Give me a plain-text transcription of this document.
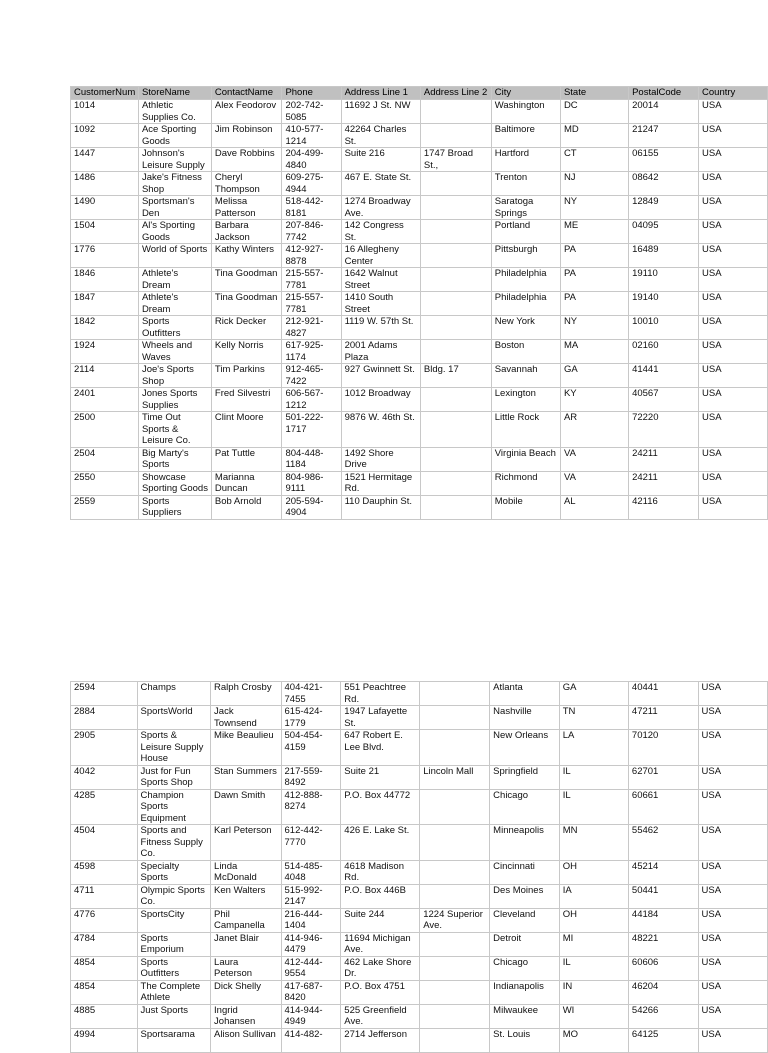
CustomerNum	StoreName	ContactName	Phone	Address Line 1	Address Line 2	City	State	PostalCode	Country
1014	Athletic Supplies Co.	Alex Feodorov	202-742-5085	11692 J St. NW		Washington	DC	20014	USA
1092	Ace Sporting Goods	Jim Robinson	410-577-1214	42264 Charles St.		Baltimore	MD	21247	USA
1447	Johnson's Leisure Supply	Dave Robbins	204-499-4840	Suite 216	1747 Broad St.,	Hartford	CT	06155	USA
1486	Jake's Fitness Shop	Cheryl Thompson	609-275-4944	467 E. State St.		Trenton	NJ	08642	USA
1490	Sportsman's Den	Melissa Patterson	518-442-8181	1274 Broadway Ave.		Saratoga Springs	NY	12849	USA
1504	Al's Sporting Goods	Barbara Jackson	207-846-7742	142 Congress St.		Portland	ME	04095	USA
1776	World of Sports	Kathy Winters	412-927-8878	16 Allegheny Center		Pittsburgh	PA	16489	USA
1846	Athlete's Dream	Tina Goodman	215-557-7781	1642 Walnut Street		Philadelphia	PA	19110	USA
1847	Athlete's Dream	Tina Goodman	215-557-7781	1410 South Street		Philadelphia	PA	19140	USA
1842	Sports Outfitters	Rick Decker	212-921-4827	1119 W. 57th St.		New York	NY	10010	USA
1924	Wheels and Waves	Kelly Norris	617-925-1174	2001 Adams Plaza		Boston	MA	02160	USA
2114	Joe's Sports Shop	Tim Parkins	912-465-7422	927 Gwinnett St.	Bldg. 17	Savannah	GA	41441	USA
2401	Jones Sports Supplies	Fred Silvestri	606-567-1212	1012 Broadway		Lexington	KY	40567	USA
2500	Time Out Sports & Leisure Co.	Clint Moore	501-222-1717	9876 W. 46th St.		Little Rock	AR	72220	USA
2504	Big Marty's Sports	Pat Tuttle	804-448-1184	1492 Shore Drive		Virginia Beach	VA	24211	USA
2550	Showcase Sporting Goods	Marianna Duncan	804-986-9111	1521 Hermitage Rd.		Richmond	VA	24211	USA
2559	Sports Suppliers	Bob Arnold	205-594-4904	110 Dauphin St.		Mobile	AL	42116	USA
2594	Champs	Ralph Crosby	404-421-7455	551 Peachtree Rd.		Atlanta	GA	40441	USA
2884	SportsWorld	Jack Townsend	615-424-1779	1947 Lafayette St.		Nashville	TN	47211	USA
2905	Sports & Leisure Supply House	Mike Beaulieu	504-454-4159	647 Robert E. Lee Blvd.		New Orleans	LA	70120	USA
4042	Just for Fun Sports Shop	Stan Summers	217-559-8492	Suite 21	Lincoln Mall	Springfield	IL	62701	USA
4285	Champion Sports Equipment	Dawn Smith	412-888-8274	P.O. Box 44772		Chicago	IL	60661	USA
4504	Sports and Fitness Supply Co.	Karl Peterson	612-442-7770	426 E. Lake St.		Minneapolis	MN	55462	USA
4598	Specialty Sports	Linda McDonald	514-485-4048	4618 Madison Rd.		Cincinnati	OH	45214	USA
4711	Olympic Sports Co.	Ken Walters	515-992-2147	P.O. Box 446B		Des Moines	IA	50441	USA
4776	SportsCity	Phil Campanella	216-444-1404	Suite 244	1224 Superior Ave.	Cleveland	OH	44184	USA
4784	Sports Emporium	Janet Blair	414-946-4479	11694 Michigan Ave.		Detroit	MI	48221	USA
4854	Sports Outfitters	Laura Peterson	412-444-9554	462 Lake Shore Dr.		Chicago	IL	60606	USA
4854	The Complete Athlete	Dick Shelly	417-687-8420	P.O. Box 4751		Indianapolis	IN	46204	USA
4885	Just Sports	Ingrid Johansen	414-944-4949	525 Greenfield Ave.		Milwaukee	WI	54266	USA
4994	Sportsarama	Alison Sullivan	414-482-	2714 Jefferson		St. Louis	MO	64125	USA
